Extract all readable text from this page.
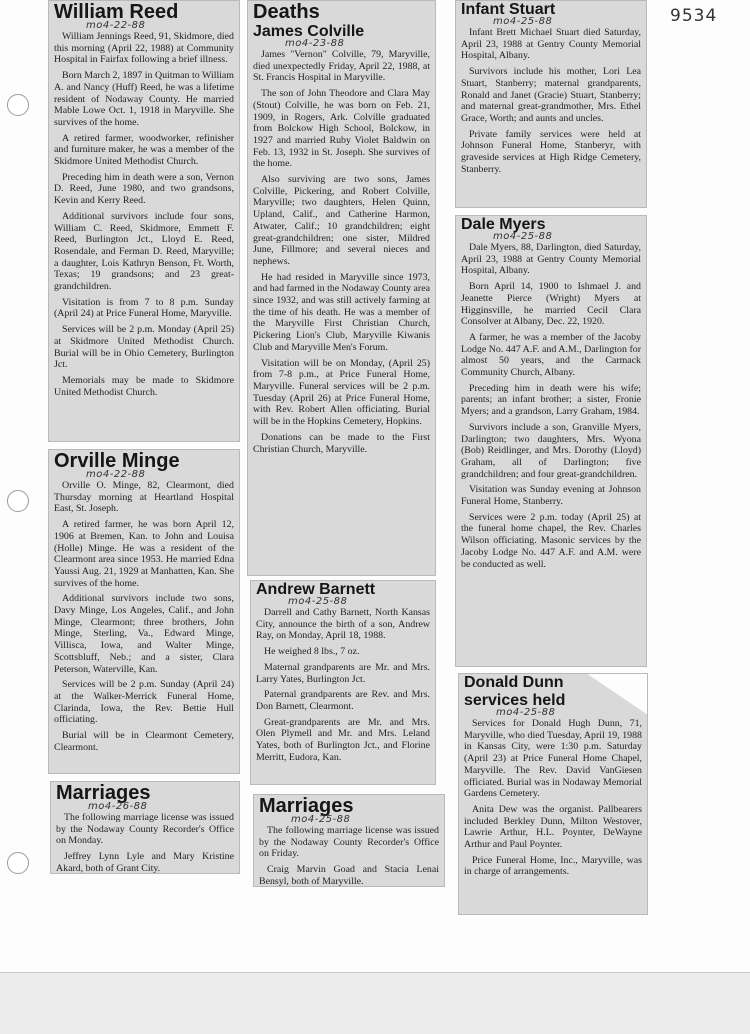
9534
William Reed
mo4-22-88

William Jennings Reed, 91, Skidmore, died this morning (April 22, 1988) at Community Hospital in Fairfax following a brief illness.

Born March 2, 1897 in Quitman to William A. and Nancy (Huff) Reed, he was a lifetime resident of Nodaway County. He married Mable Lowe Oct. 1, 1918 in Maryville. She survives of the home.

A retired farmer, woodworker, refinisher and furniture maker, he was a member of the Skidmore United Methodist Church.

Preceding him in death were a son, Vernon D. Reed, June 1980, and two grandsons, Kevin and Kerry Reed.

Additional survivors include four sons, William C. Reed, Skidmore, Emmett F. Reed, Burlington Jct., Lloyd E. Reed, Rosendale, and Ferman D. Reed, Maryville; a daughter, Lois Kathryn Benson, Ft. Worth, Texas; 19 grandsons; and 23 great-grandchildren.

Visitation is from 7 to 8 p.m. Sunday (April 24) at Price Funeral Home, Maryville.

Services will be 2 p.m. Monday (April 25) at Skidmore United Methodist Church. Burial will be in Ohio Cemetery, Burlington Jct.

Memorials may be made to Skidmore United Methodist Church.

Deaths
James Colville
mo4-23-88

James "Vernon" Colville, 79, Maryville, died unexpectedly Friday, April 22, 1988, at St. Francis Hospital in Maryville.

The son of John Theodore and Clara May (Stout) Colville, he was born on Feb. 21, 1909, in Rogers, Ark. Colville graduated from Bolckow High School, Bolckow, in 1927 and married Ruby Violet Baldwin on Feb. 13, 1932 in St. Joseph. She survives of the home.

Also surviving are two sons, James Colville, Pickering, and Robert Colville, Maryville; two daughters, Helen Quinn, Upland, Calif., and Catherine Harmon, Atwater, Calif.; 10 grandchildren; eight great-grandchildren; one sister, Mildred June, Fillmore; and several nieces and nephews.

He had resided in Maryville since 1973, and had farmed in the Nodaway County area since 1932, and was still actively farming at the time of his death. He was a member of the Maryville First Christian Church, Pickering Lion's Club, Maryville Kiwanis Club and Maryville Men's Forum.

Visitation will be on Monday, (April 25) from 7-8 p.m., at Price Funeral Home, Maryville. Funeral services will be 2 p.m. Tuesday (April 26) at Price Funeral Home, with Rev. Robert Allen officiating. Burial will be in the Hopkins Cemetery, Hopkins.

Donations can be made to the First Christian Church, Maryville.

Infant Stuart
mo4-25-88

Infant Brett Michael Stuart died Saturday, April 23, 1988 at Gentry County Memorial Hospital, Albany.

Survivors include his mother, Lori Lea Stuart, Stanberry; maternal grandparents, Ronald and Janet (Gracie) Stuart, Stanberry; and maternal great-grandmother, Mrs. Ethel Grace, Worth; and aunts and uncles.

Private family services were held at Johnson Funeral Home, Stanberyr, with graveside services at High Ridge Cemetery, Stanberry.

Dale Myers
mo4-25-88

Dale Myers, 88, Darlington, died Saturday, April 23, 1988 at Gentry County Memorial Hospital, Albany.

Born April 14, 1900 to Ishmael J. and Jeanette Pierce (Wright) Myers at Higginsville, he married Cecil Clara Consolver at Albany, Dec. 22, 1920.

A farmer, he was a member of the Jacoby Lodge No. 447 A.F. and A.M., Darlington for almost 50 years, and the Carmack Community Church, Albany.

Preceding him in death were his wife; parents; an infant brother; a sister, Fronie Myers; and a grandson, Larry Graham, 1984.

Survivors include a son, Granville Myers, Darlington; two daughters, Mrs. Wyona (Bob) Reidlinger, and Mrs. Dorothy (Lloyd) Graham, all of Darlington; five grandchildren; and four great-grandchildren.

Visitation was Sunday evening at Johnson Funeral Home, Stanberry.

Services were 2 p.m. today (April 25) at the funeral home chapel, the Rev. Charles Wilson officiating. Masonic services by the Jacoby Lodge No. 447 A.F. and A.M. were be conducted as well.

Orville Minge
mo4-22-88

Orville O. Minge, 82, Clearmont, died Thursday morning at Heartland Hospital East, St. Joseph.

A retired farmer, he was born April 12, 1906 at Bremen, Kan. to John and Louisa (Holle) Minge. He was a resident of the Clearmont area since 1953. He married Edna Yaussi Aug. 21, 1929 at Manhatten, Kan. She survives of the home.

Additional survivors include two sons, Davy Minge, Los Angeles, Calif., and John Minge, Clearmont; three brothers, John Minge, Sterling, Va., Edward Minge, Villisca, Iowa, and Walter Minge, Scottsbluff, Neb.; and a sister, Clara Peterson, Waterville, Kan.

Services will be 2 p.m. Sunday (April 24) at the Walker-Merrick Funeral Home, Clarinda, Iowa, the Rev. Bettie Hull officiating.

Burial will be in Clearmont Cemetery, Clearmont.

Andrew Barnett
mo4-25-88

Darrell and Cathy Barnett, North Kansas City, announce the birth of a son, Andrew Ray, on Monday, April 18, 1988.

He weighed 8 lbs., 7 oz.

Maternal grandparents are Mr. and Mrs. Larry Yates, Burlington Jct.

Paternal grandparents are Rev. and Mrs. Don Barnett, Clearmont.

Great-grandparents are Mr. and Mrs. Olen Plymell and Mr. and Mrs. Leland Yates, both of Burlington Jct., and Florine Merritt, Eudora, Kan.

Marriages
mo4-26-88

The following marriage license was issued by the Nodaway County Recorder's Office on Monday.

Jeffrey Lynn Lyle and Mary Kristine Akard, both of Grant City.

Marriages
mo4-25-88

The following marriage license was issued by the Nodaway County Recorder's Office on Friday.

Craig Marvin Goad and Stacia Lenai Bensyl, both of Maryville.

Donald Dunn services held
mo4-25-88

Services for Donald Hugh Dunn, 71, Maryville, who died Tuesday, April 19, 1988 in Kansas City, were 1:30 p.m. Saturday (April 23) at Price Funeral Home Chapel, Maryville. The Rev. David VanGiesen officiated. Burial was in Nodaway Memorial Gardens Cemetery.

Anita Dew was the organist. Pallbearers included Berkley Dunn, Milton Westover, Lawrie Arthur, H.L. Poynter, DeWayne Arthur and Paul Poynter.

Price Funeral Home, Inc., Maryville, was in charge of arrangements.
